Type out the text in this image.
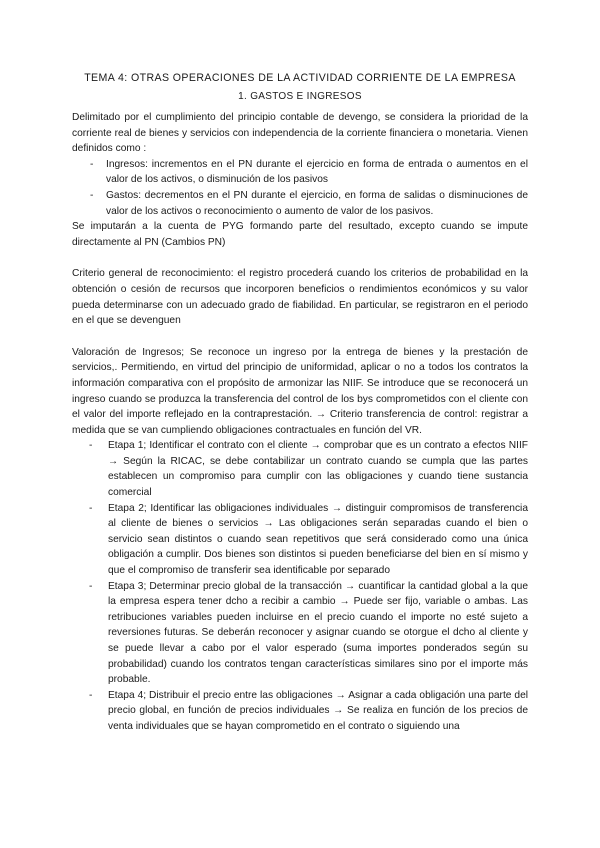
TEMA 4: OTRAS OPERACIONES DE LA ACTIVIDAD CORRIENTE DE LA EMPRESA
1. GASTOS E INGRESOS

Delimitado por el cumplimiento del principio contable de devengo, se considera la prioridad de la corriente real de bienes y servicios con independencia de la corriente financiera o monetaria. Vienen definidos como :

- Ingresos: incrementos en el PN durante el ejercicio en forma de entrada o aumentos en el valor de los activos, o disminución de los pasivos
- Gastos: decrementos en el PN durante el ejercicio, en forma de salidas o disminuciones de valor de los activos o reconocimiento o aumento de valor de los pasivos.

Se imputarán a la cuenta de PYG formando parte del resultado, excepto cuando se impute directamente al PN (Cambios PN)

Criterio general de reconocimiento: el registro procederá cuando los criterios de probabilidad en la obtención o cesión de recursos que incorporen beneficios o rendimientos económicos y su valor pueda determinarse con un adecuado grado de fiabilidad. En particular, se registraron en el periodo en el que se devenguen

Valoración de Ingresos; Se reconoce un ingreso por la entrega de bienes y la prestación de servicios,. Permitiendo, en virtud del principio de uniformidad, aplicar o no a todos los contratos la información comparativa con el propósito de armonizar las NIIF. Se introduce que se reconocerá un ingreso cuando se produzca la transferencia del control de los bys comprometidos con el cliente con el valor del importe reflejado en la contraprestación. → Criterio transferencia de control: registrar a medida que se van cumpliendo obligaciones contractuales en función del VR.

- Etapa 1; Identificar el contrato con el cliente → comprobar que es un contrato a efectos NIIF → Según la RICAC, se debe contabilizar un contrato cuando se cumpla que las partes establecen un compromiso para cumplir con las obligaciones y cuando tiene sustancia comercial
- Etapa 2; Identificar las obligaciones individuales → distinguir compromisos de transferencia al cliente de bienes o servicios → Las obligaciones serán separadas cuando el bien o servicio sean distintos o cuando sean repetitivos que será considerado como una única obligación a cumplir. Dos bienes son distintos si pueden beneficiarse del bien en sí mismo y que el compromiso de transferir sea identificable por separado
- Etapa 3; Determinar precio global de la transacción → cuantificar la cantidad global a la que la empresa espera tener dcho a recibir a cambio → Puede ser fijo, variable o ambas. Las retribuciones variables pueden incluirse en el precio cuando el importe no esté sujeto a reversiones futuras. Se deberán reconocer y asignar cuando se otorgue el dcho al cliente y se puede llevar a cabo por el valor esperado (suma importes ponderados según su probabilidad) cuando los contratos tengan características similares sino por el importe más probable.
- Etapa 4; Distribuir el precio entre las obligaciones → Asignar a cada obligación una parte del precio global, en función de precios individuales → Se realiza en función de los precios de venta individuales que se hayan comprometido en el contrato o siguiendo una
